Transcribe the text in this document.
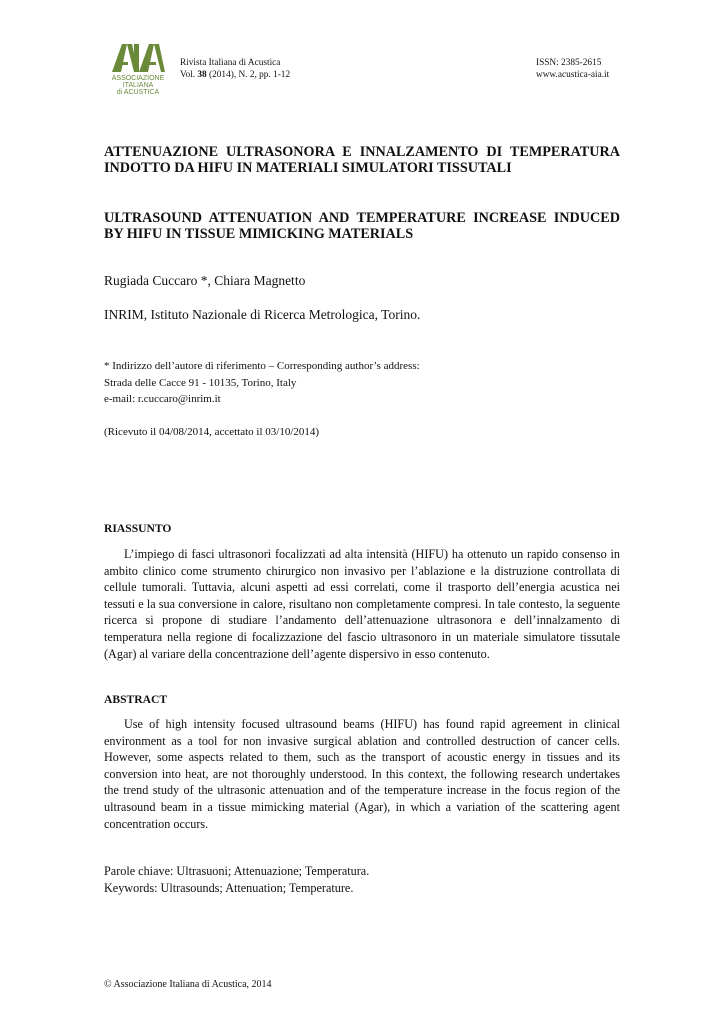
ASSOCIAZIONE
ITALIANA
di ACUSTICA
Rivista Italiana di Acustica
Vol. 38 (2014), N. 2, pp. 1-12
ISSN: 2385-2615
www.acustica-aia.it
ATTENUAZIONE ULTRASONORA E INNALZAMENTO DI TEMPERATURA INDOTTO DA HIFU IN MATERIALI SIMULATORI TISSUTALI
ULTRASOUND ATTENUATION AND TEMPERATURE INCREASE INDUCED BY HIFU IN TISSUE MIMICKING MATERIALS
Rugiada Cuccaro *, Chiara Magnetto
INRIM, Istituto Nazionale di Ricerca Metrologica, Torino.
* Indirizzo dell’autore di riferimento – Corresponding author’s address:
Strada delle Cacce 91 - 10135, Torino, Italy
e-mail: r.cuccaro@inrim.it
(Ricevuto il 04/08/2014, accettato il 03/10/2014)
RIASSUNTO

L’impiego di fasci ultrasonori focalizzati ad alta intensità (HIFU) ha ottenuto un rapido consenso in ambito clinico come strumento chirurgico non invasivo per l’ablazione e la distruzione controllata di cellule tumorali. Tuttavia, alcuni aspetti ad essi correlati, come il trasporto dell’energia acustica nei tessuti e la sua conversione in calore, risultano non completamente compresi. In tale contesto, la seguente ricerca si propone di studiare l’andamento dell’attenuazione ultrasonora e dell’innalzamento di temperatura nella regione di focalizzazione del fascio ultrasonoro in un materiale simulatore tissutale (Agar) al variare della concentrazione dell’agente dispersivo in esso contenuto.

ABSTRACT

Use of high intensity focused ultrasound beams (HIFU) has found rapid agreement in clinical environment as a tool for non invasive surgical ablation and controlled destruction of cancer cells. However, some aspects related to them, such as the transport of acoustic energy in tissues and its conversion into heat, are not thoroughly understood. In this context, the following research undertakes the trend study of the ultrasonic attenuation and of the temperature increase in the focus region of the ultrasound beam in a tissue mimicking material (Agar), in which a variation of the scattering agent concentration occurs.

Parole chiave: Ultrasuoni; Attenuazione; Temperatura.
Keywords: Ultrasounds; Attenuation; Temperature.
© Associazione Italiana di Acustica, 2014
